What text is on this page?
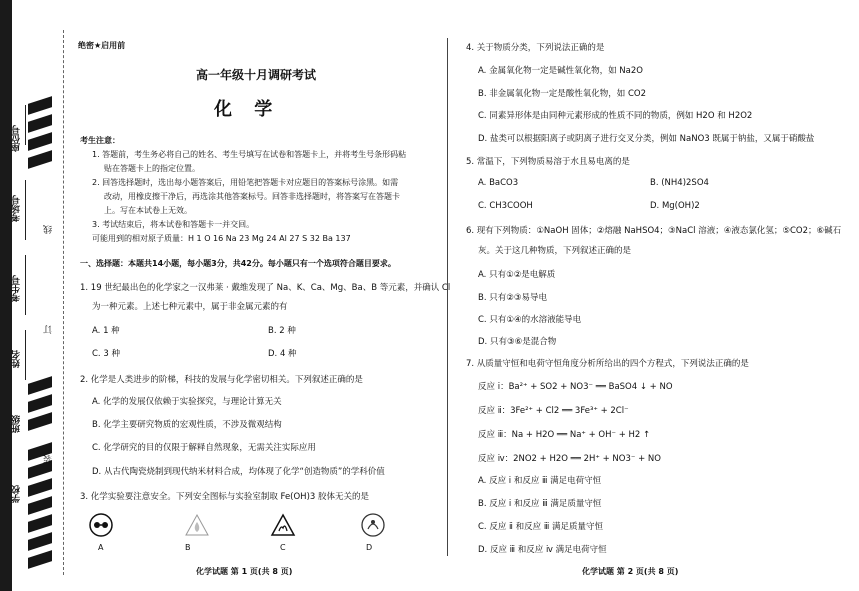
座位号
考场号
考生号
姓名
班级
学校
线
订
装
绝密★启用前
高一年级十月调研考试
化 学
考生注意：
1. 答题前，考生务必将自己的姓名、考生号填写在试卷和答题卡上，并将考生号条形码粘
贴在答题卡上的指定位置。
2. 回答选择题时，选出每小题答案后，用铅笔把答题卡对应题目的答案标号涂黑。如需
改动，用橡皮擦干净后，再选涂其他答案标号。回答非选择题时，将答案写在答题卡
上。写在本试卷上无效。
3. 考试结束后，将本试卷和答题卡一并交回。
可能用到的相对原子质量：H 1 O 16 Na 23 Mg 24 Al 27 S 32 Ba 137
一、选择题：本题共14小题，每小题3分，共42分。每小题只有一个选项符合题目要求。
1. 19 世纪最出色的化学家之一汉弗莱 · 戴维发现了 Na、K、Ca、Mg、Ba、B 等元素，并确认 Cl
为一种元素。上述七种元素中，属于非金属元素的有
A. 1 种	B. 2 种
C. 3 种	D. 4 种
2. 化学是人类进步的阶梯，科技的发展与化学密切相关。下列叙述正确的是
A. 化学的发展仅依赖于实验探究，与理论计算无关
B. 化学主要研究物质的宏观性质，不涉及微观结构
C. 化学研究的目的仅限于解释自然现象，无需关注实际应用
D. 从古代陶瓷烧制到现代纳米材料合成，均体现了化学“创造物质”的学科价值
3. 化学实验要注意安全。下列安全图标与实验室制取 Fe(OH)3 胶体无关的是
A	B	C	D
化学试题 第 1 页(共 8 页)
4. 关于物质分类，下列说法正确的是
A. 金属氧化物一定是碱性氧化物，如 Na2O
B. 非金属氧化物一定是酸性氧化物，如 CO2
C. 同素异形体是由同种元素形成的性质不同的物质，例如 H2O 和 H2O2
D. 盐类可以根据阳离子或阴离子进行交叉分类，例如 NaNO3 既属于钠盐，又属于硝酸盐
5. 常温下，下列物质易溶于水且易电离的是
A. BaCO3	B. (NH4)2SO4
C. CH3COOH	D. Mg(OH)2
6. 现有下列物质：①NaOH 固体；②熔融 NaHSO4；③NaCl 溶液；④液态氯化氢；⑤CO2；⑥碱石
灰。关于这几种物质，下列叙述正确的是
A. 只有①②是电解质
B. 只有②③易导电
C. 只有①④的水溶液能导电
D. 只有③⑥是混合物
7. 从质量守恒和电荷守恒角度分析所给出的四个方程式，下列说法正确的是
反应 ⅰ：Ba²⁺ + SO2 + NO3⁻ ══ BaSO4 ↓ + NO
反应 ⅱ：3Fe²⁺ + Cl2 ══ 3Fe³⁺ + 2Cl⁻
反应 ⅲ：Na + H2O ══ Na⁺ + OH⁻ + H2 ↑
反应 ⅳ：2NO2 + H2O ══ 2H⁺ + NO3⁻ + NO
A. 反应 ⅰ 和反应 ⅲ 满足电荷守恒
B. 反应 ⅰ 和反应 ⅲ 满足质量守恒
C. 反应 ⅱ 和反应 ⅲ 满足质量守恒
D. 反应 ⅲ 和反应 ⅳ 满足电荷守恒
化学试题 第 2 页(共 8 页)
